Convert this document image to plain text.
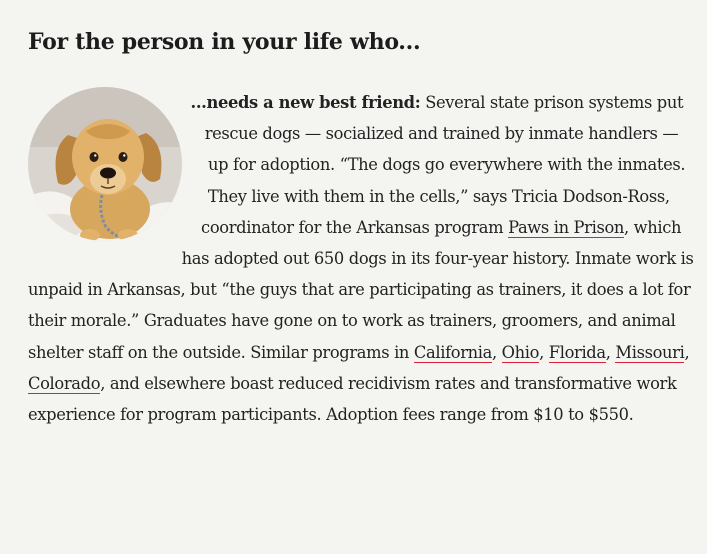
For the person in your life who...

...needs a new best friend: Several state prison systems put rescue dogs — socialized and trained by inmate handlers — up for adoption. “The dogs go everywhere with the inmates. They live with them in the cells,” says Tricia Dodson-Ross, coordinator for the Arkansas program Paws in Prison, which has adopted out 650 dogs in its four-year history. Inmate work is unpaid in Arkansas, but “the guys that are participating as trainers, it does a lot for their morale.” Graduates have gone on to work as trainers, groomers, and animal shelter staff on the outside. Similar programs in California, Ohio, Florida, Missouri, Colorado, and elsewhere boast reduced recidivism rates and transformative work experience for program participants. Adoption fees range from $10 to $550.
